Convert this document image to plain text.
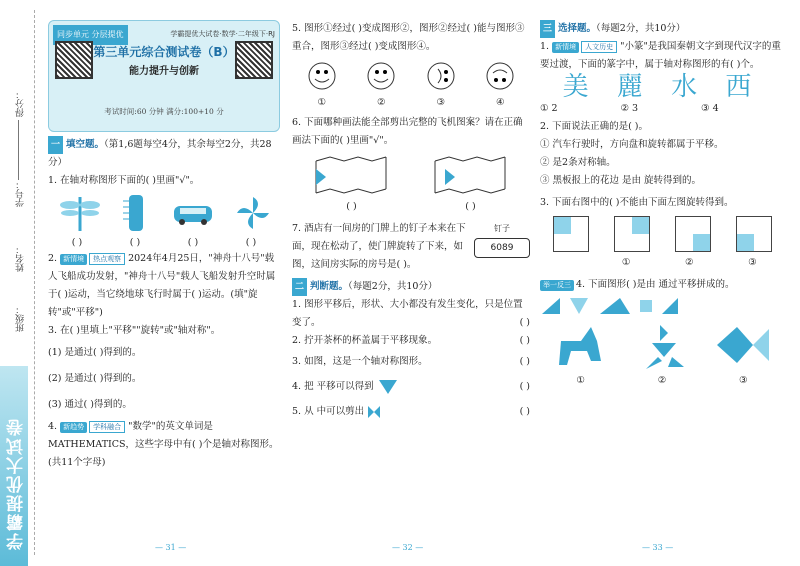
得分：
学号：
姓名：
班级：
学霸提优大试卷
同步单元 分层提优	学霸提优大试卷·数学·二年级下·RJ
第三单元综合测试卷（B）
能力提升与创新
考试时间:60 分钟 满分:100+10 分

一 填空题。（第1,6题每空4分，其余每空2分，共28分）

1. 在轴对称图形下面的( )里画"√"。

( )	( )	( )	( )

2. 新情境 热点观察 2024年4月25日，"神舟十八号"载人飞船成功发射，"神舟十八号"载人飞船发射升空时属于( )运动，当它绕地球飞行时属于( )运动。(填"旋转"或"平移")

3. 在( )里填上"平移""旋转"或"轴对称"。

(1) 是通过( )得到的。

(2) 是通过( )得到的。

(3) 通过( )得到的。

4. 新趋势 学科融合 "数学"的英文单词是 MATHEMATICS，这些字母中有( )个是轴对称图形。(共11个字母)

— 31 —

5. 图形①经过( )变成图形②，图形②经过( )能与图形③重合，图形③经过( )变成图形④。

①	②	③	④

6. 下面哪种画法能全部剪出完整的飞机图案？请在正确画法下面的( )里画"√"。

( )	( )

7. 酒店有一间房的门牌上的钉子本来在下面，现在松动了，使门牌旋转了下来，如图，这间房实际的房号是( )。
钉子
6089

二 判断题。（每题2分，共10分）

1. 图形平移后，形状、大小都没有发生变化，只是位置变了。	( )

2. 拧开茶杯的杯盖属于平移现象。	( )

3. 如图，这是一个轴对称图形。	( )

4. 把 平移可以得到	( )

5. 从 中可以剪出	( )

— 32 —

三 选择题。（每题2分，共10分）

1. 新情境 人文历史 "小篆"是我国秦朝文字到现代汉字的重要过渡，下面的篆字中，属于轴对称图形的有( )个。

美 麗 水 西
① 2	② 3	③ 4

2. 下面说法正确的是( )。

① 汽车行驶时，方向盘和旋转都属于平移。

② 是2条对称轴。

③ 黑板报上的花边 是由 旋转得到的。

3. 下面右图中的( )不能由下面左图旋转得到。

①	②	③

举一反三 4. 下面图形( )是由 通过平移拼成的。

①	②	③
— 33 —
